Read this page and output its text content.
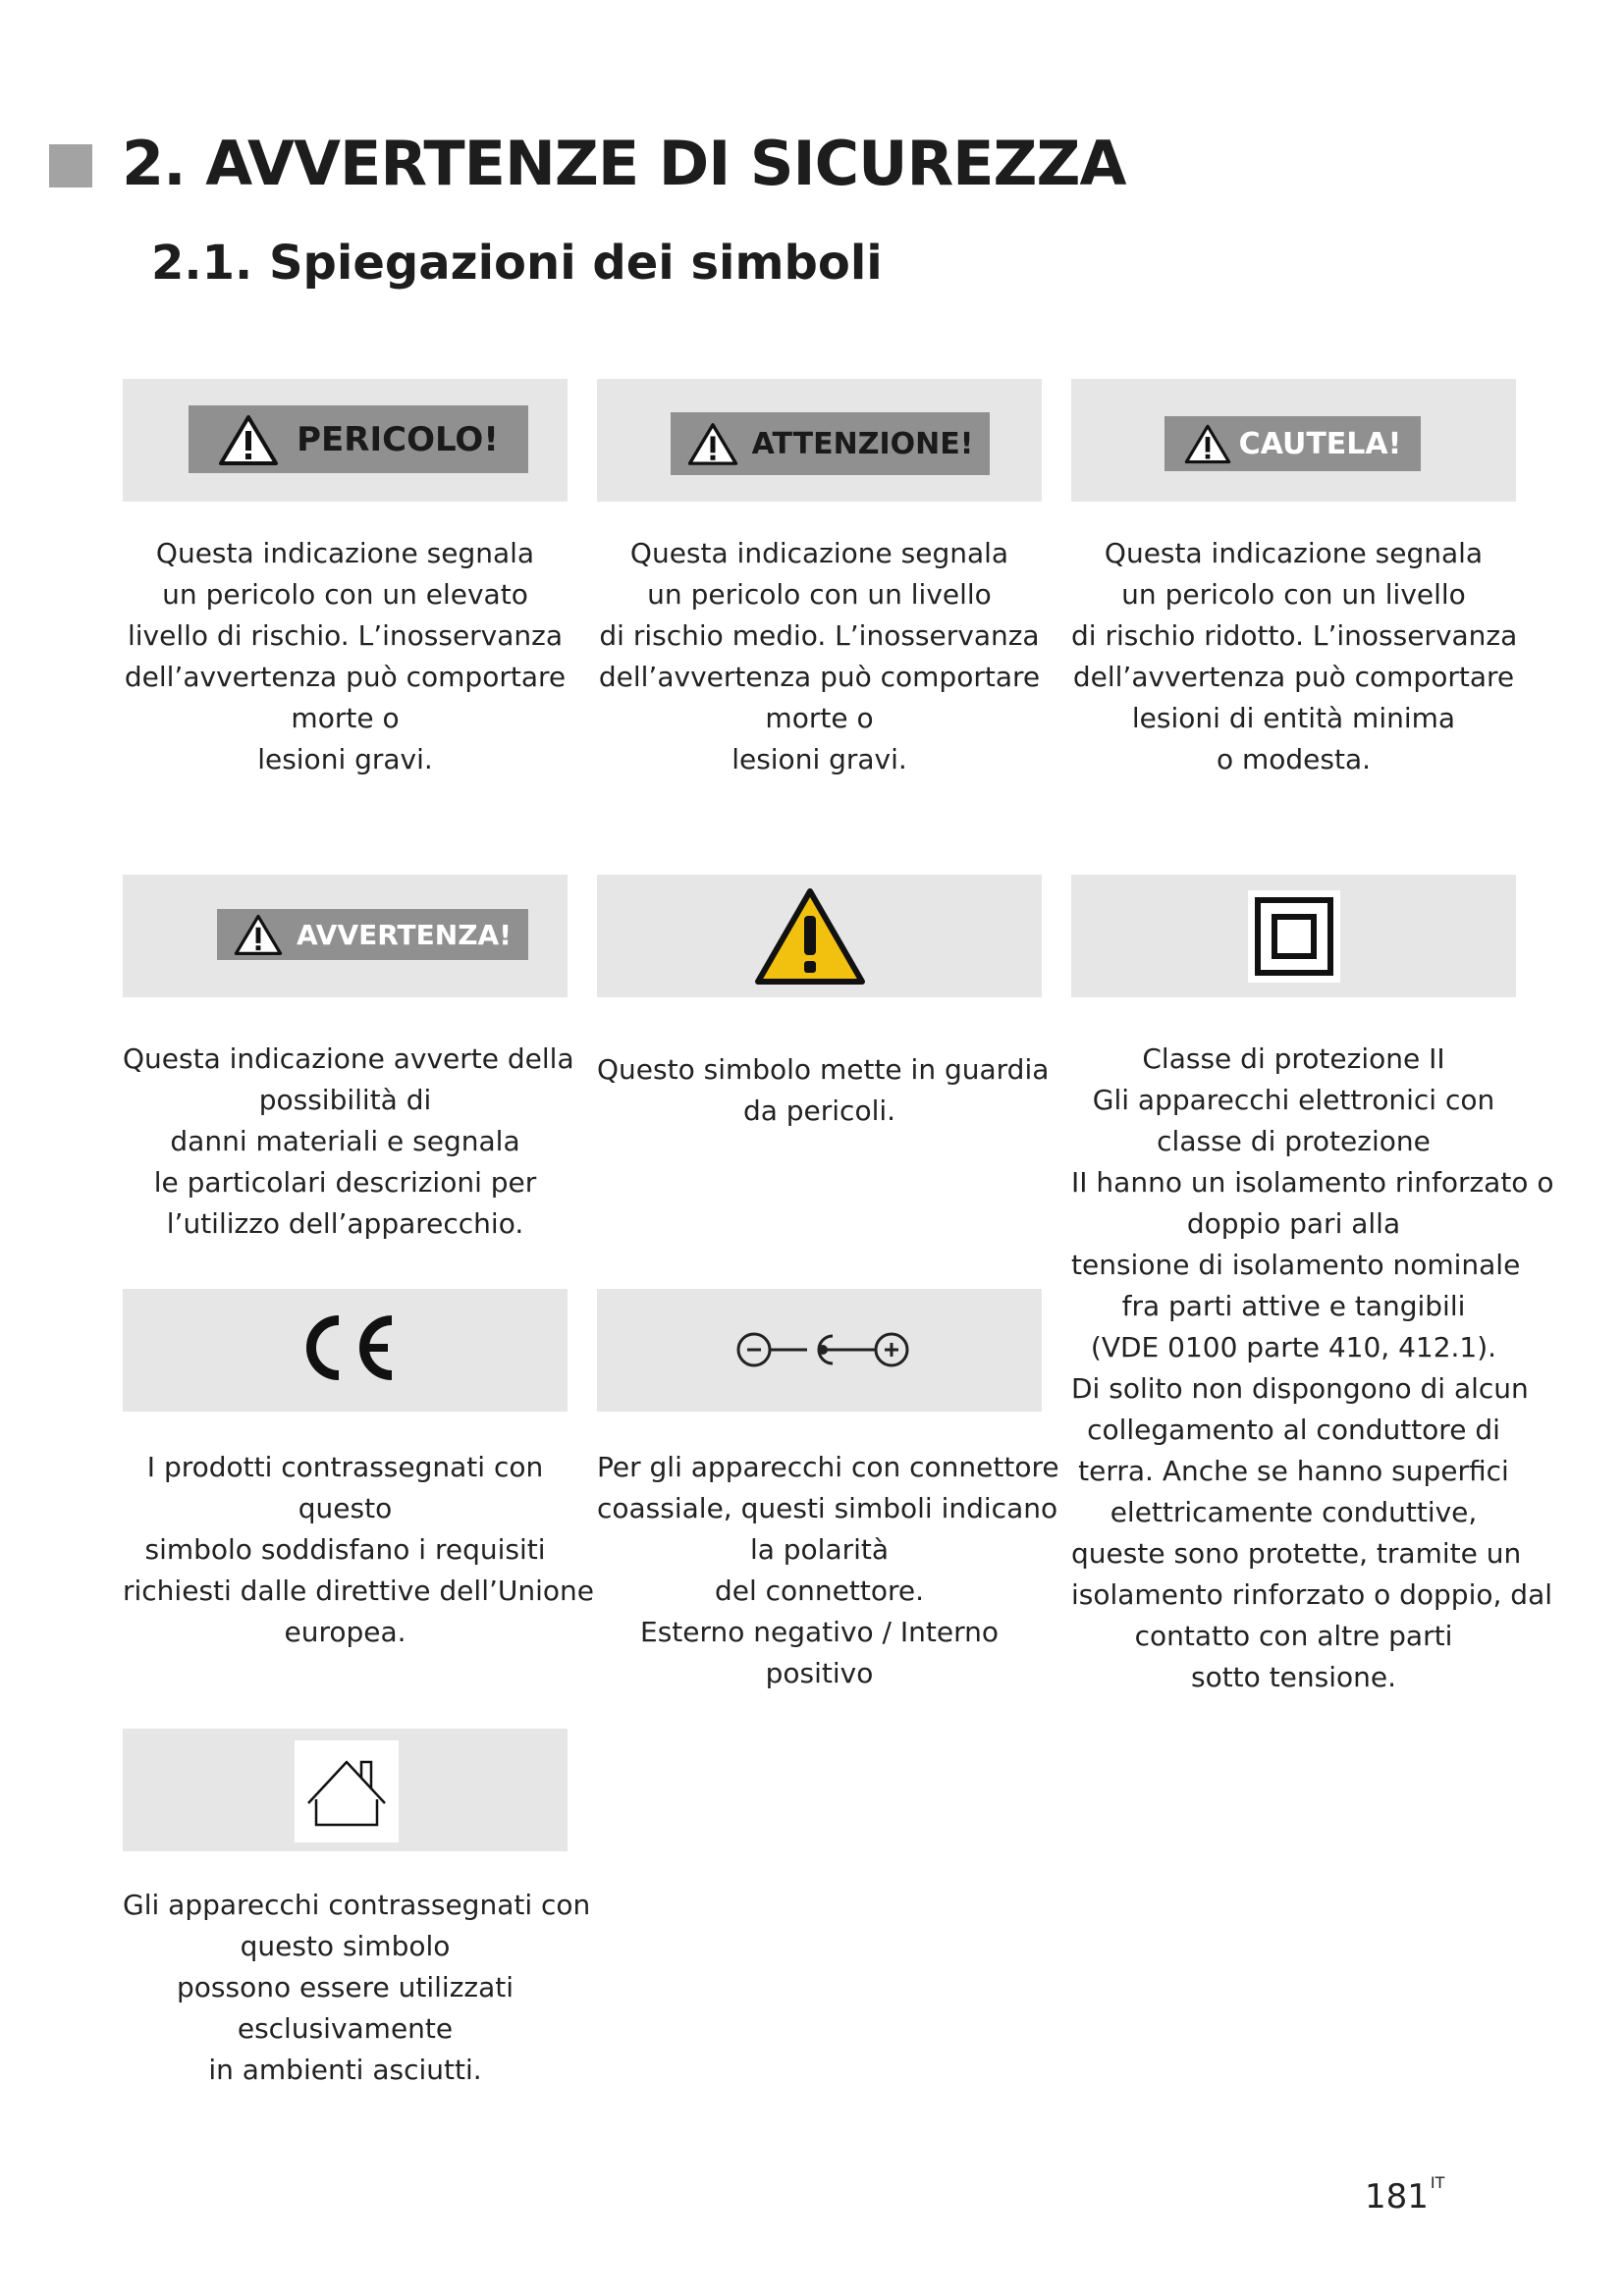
2. AVVERTENZE DI SICUREZZA
2.1. Spiegazioni dei simboli
PERICOLO!
Questa indicazione segnala
un pericolo con un elevato
livello di rischio. L’inosservanza
dell’avvertenza può comportare
morte o
lesioni gravi.
ATTENZIONE!
Questa indicazione segnala
un pericolo con un livello
di rischio medio. L’inosservanza
dell’avvertenza può comportare
morte o
lesioni gravi.
CAUTELA!
Questa indicazione segnala
un pericolo con un livello
di rischio ridotto. L’inosservanza
dell’avvertenza può comportare
lesioni di entità minima
o modesta.
AVVERTENZA!
Questa indicazione avverte della
possibilità di
danni materiali e segnala
le particolari descrizioni per
l’utilizzo dell’apparecchio.
Questo simbolo mette in guardia
da pericoli.
Classe di protezione II
Gli apparecchi elettronici con
classe di protezione
II hanno un isolamento rinforzato o
doppio pari alla
tensione di isolamento nominale
fra parti attive e tangibili
(VDE 0100 parte 410, 412.1).
Di solito non dispongono di alcun
collegamento al conduttore di
terra. Anche se hanno superfici
elettricamente conduttive,
queste sono protette, tramite un
isolamento rinforzato o doppio, dal
contatto con altre parti
sotto tensione.
I prodotti contrassegnati con
questo
simbolo soddisfano i requisiti
richiesti dalle direttive dell’Unione
europea.
Per gli apparecchi con connettore
coassiale, questi simboli indicano
la polarità
del connettore.
Esterno negativo / Interno
positivo
Gli apparecchi contrassegnati con
questo simbolo
possono essere utilizzati
esclusivamente
in ambienti asciutti.
181 $^{IT}$
